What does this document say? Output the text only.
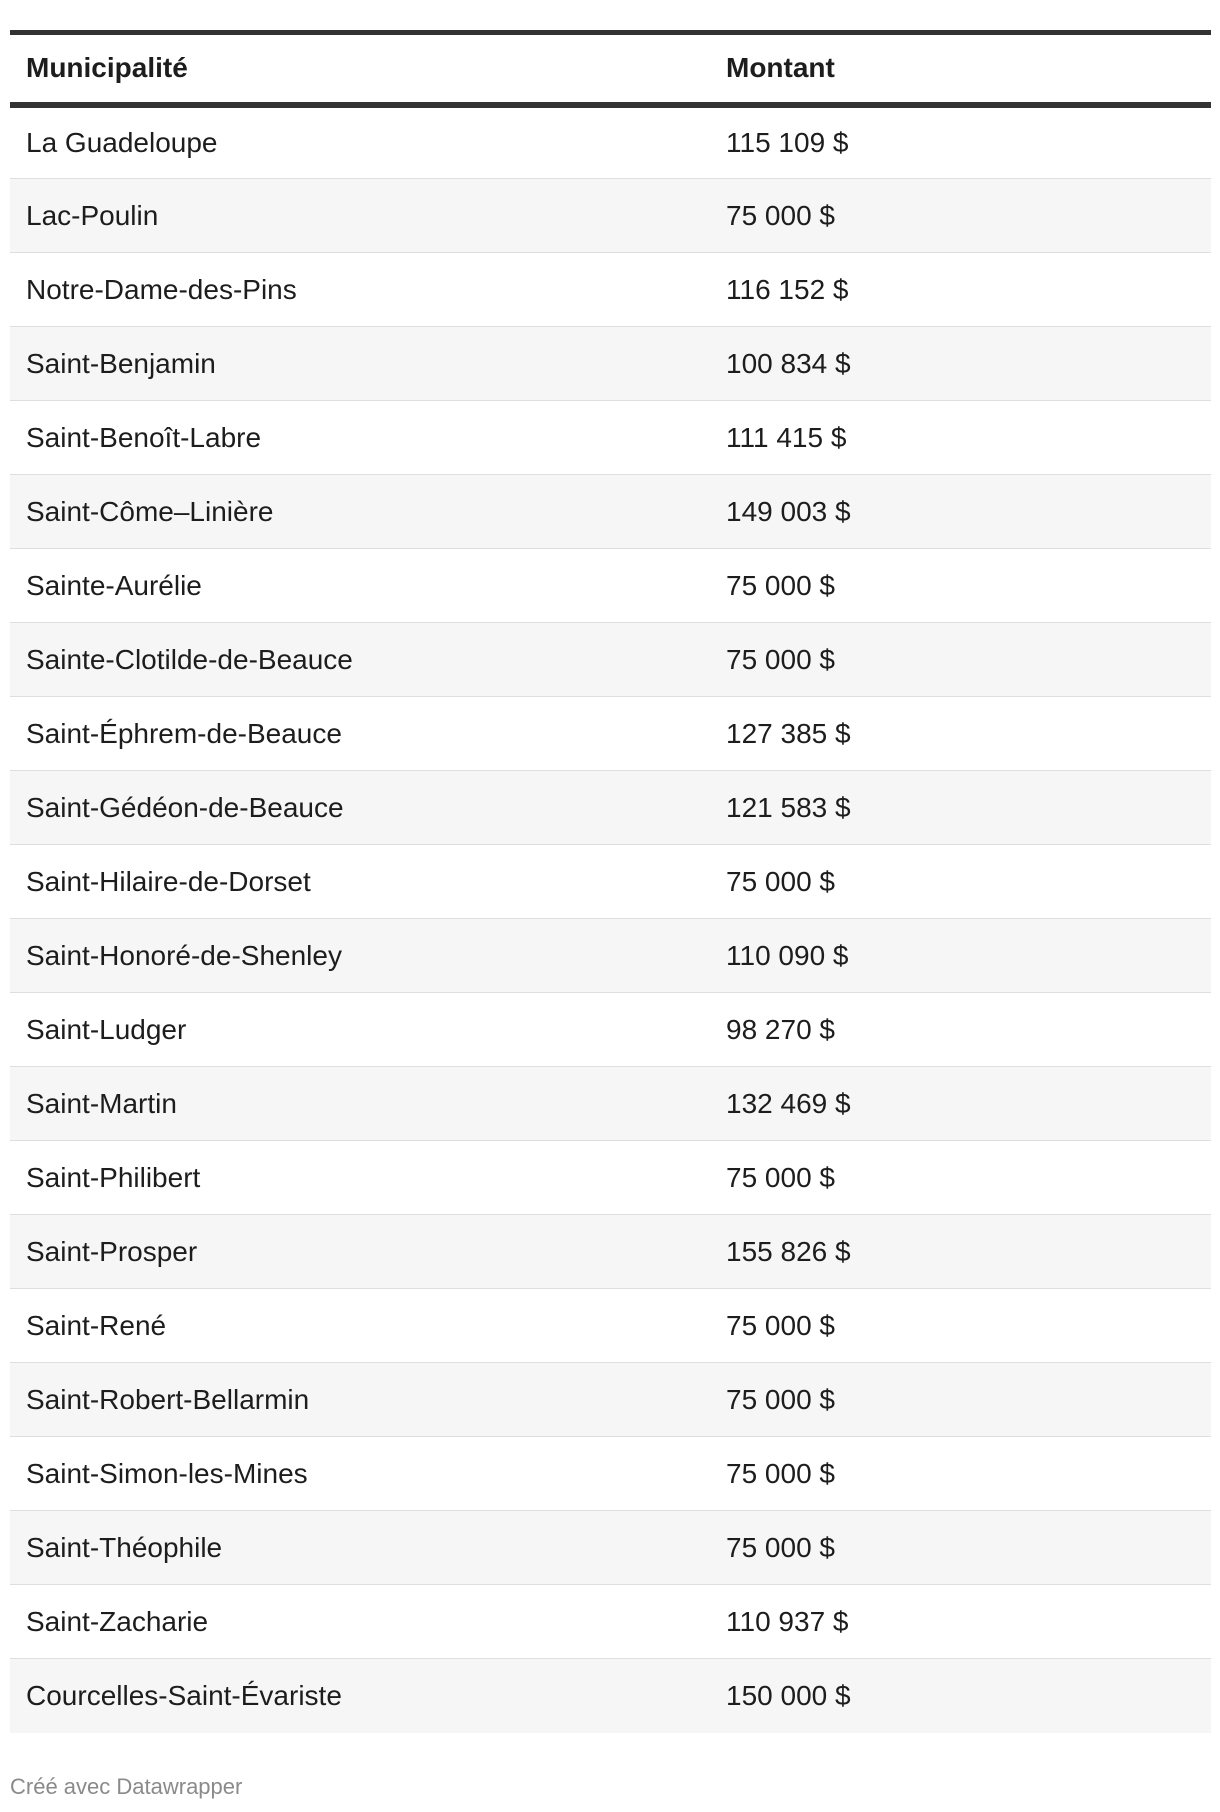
Municipalité	Montant
La Guadeloupe	115 109 $
Lac-Poulin	75 000 $
Notre-Dame-des-Pins	116 152 $
Saint-Benjamin	100 834 $
Saint-Benoît-Labre	111 415 $
Saint-Côme–Linière	149 003 $
Sainte-Aurélie	75 000 $
Sainte-Clotilde-de-Beauce	75 000 $
Saint-Éphrem-de-Beauce	127 385 $
Saint-Gédéon-de-Beauce	121 583 $
Saint-Hilaire-de-Dorset	75 000 $
Saint-Honoré-de-Shenley	110 090 $
Saint-Ludger	98 270 $
Saint-Martin	132 469 $
Saint-Philibert	75 000 $
Saint-Prosper	155 826 $
Saint-René	75 000 $
Saint-Robert-Bellarmin	75 000 $
Saint-Simon-les-Mines	75 000 $
Saint-Théophile	75 000 $
Saint-Zacharie	110 937 $
Courcelles-Saint-Évariste	150 000 $
Créé avec Datawrapper
